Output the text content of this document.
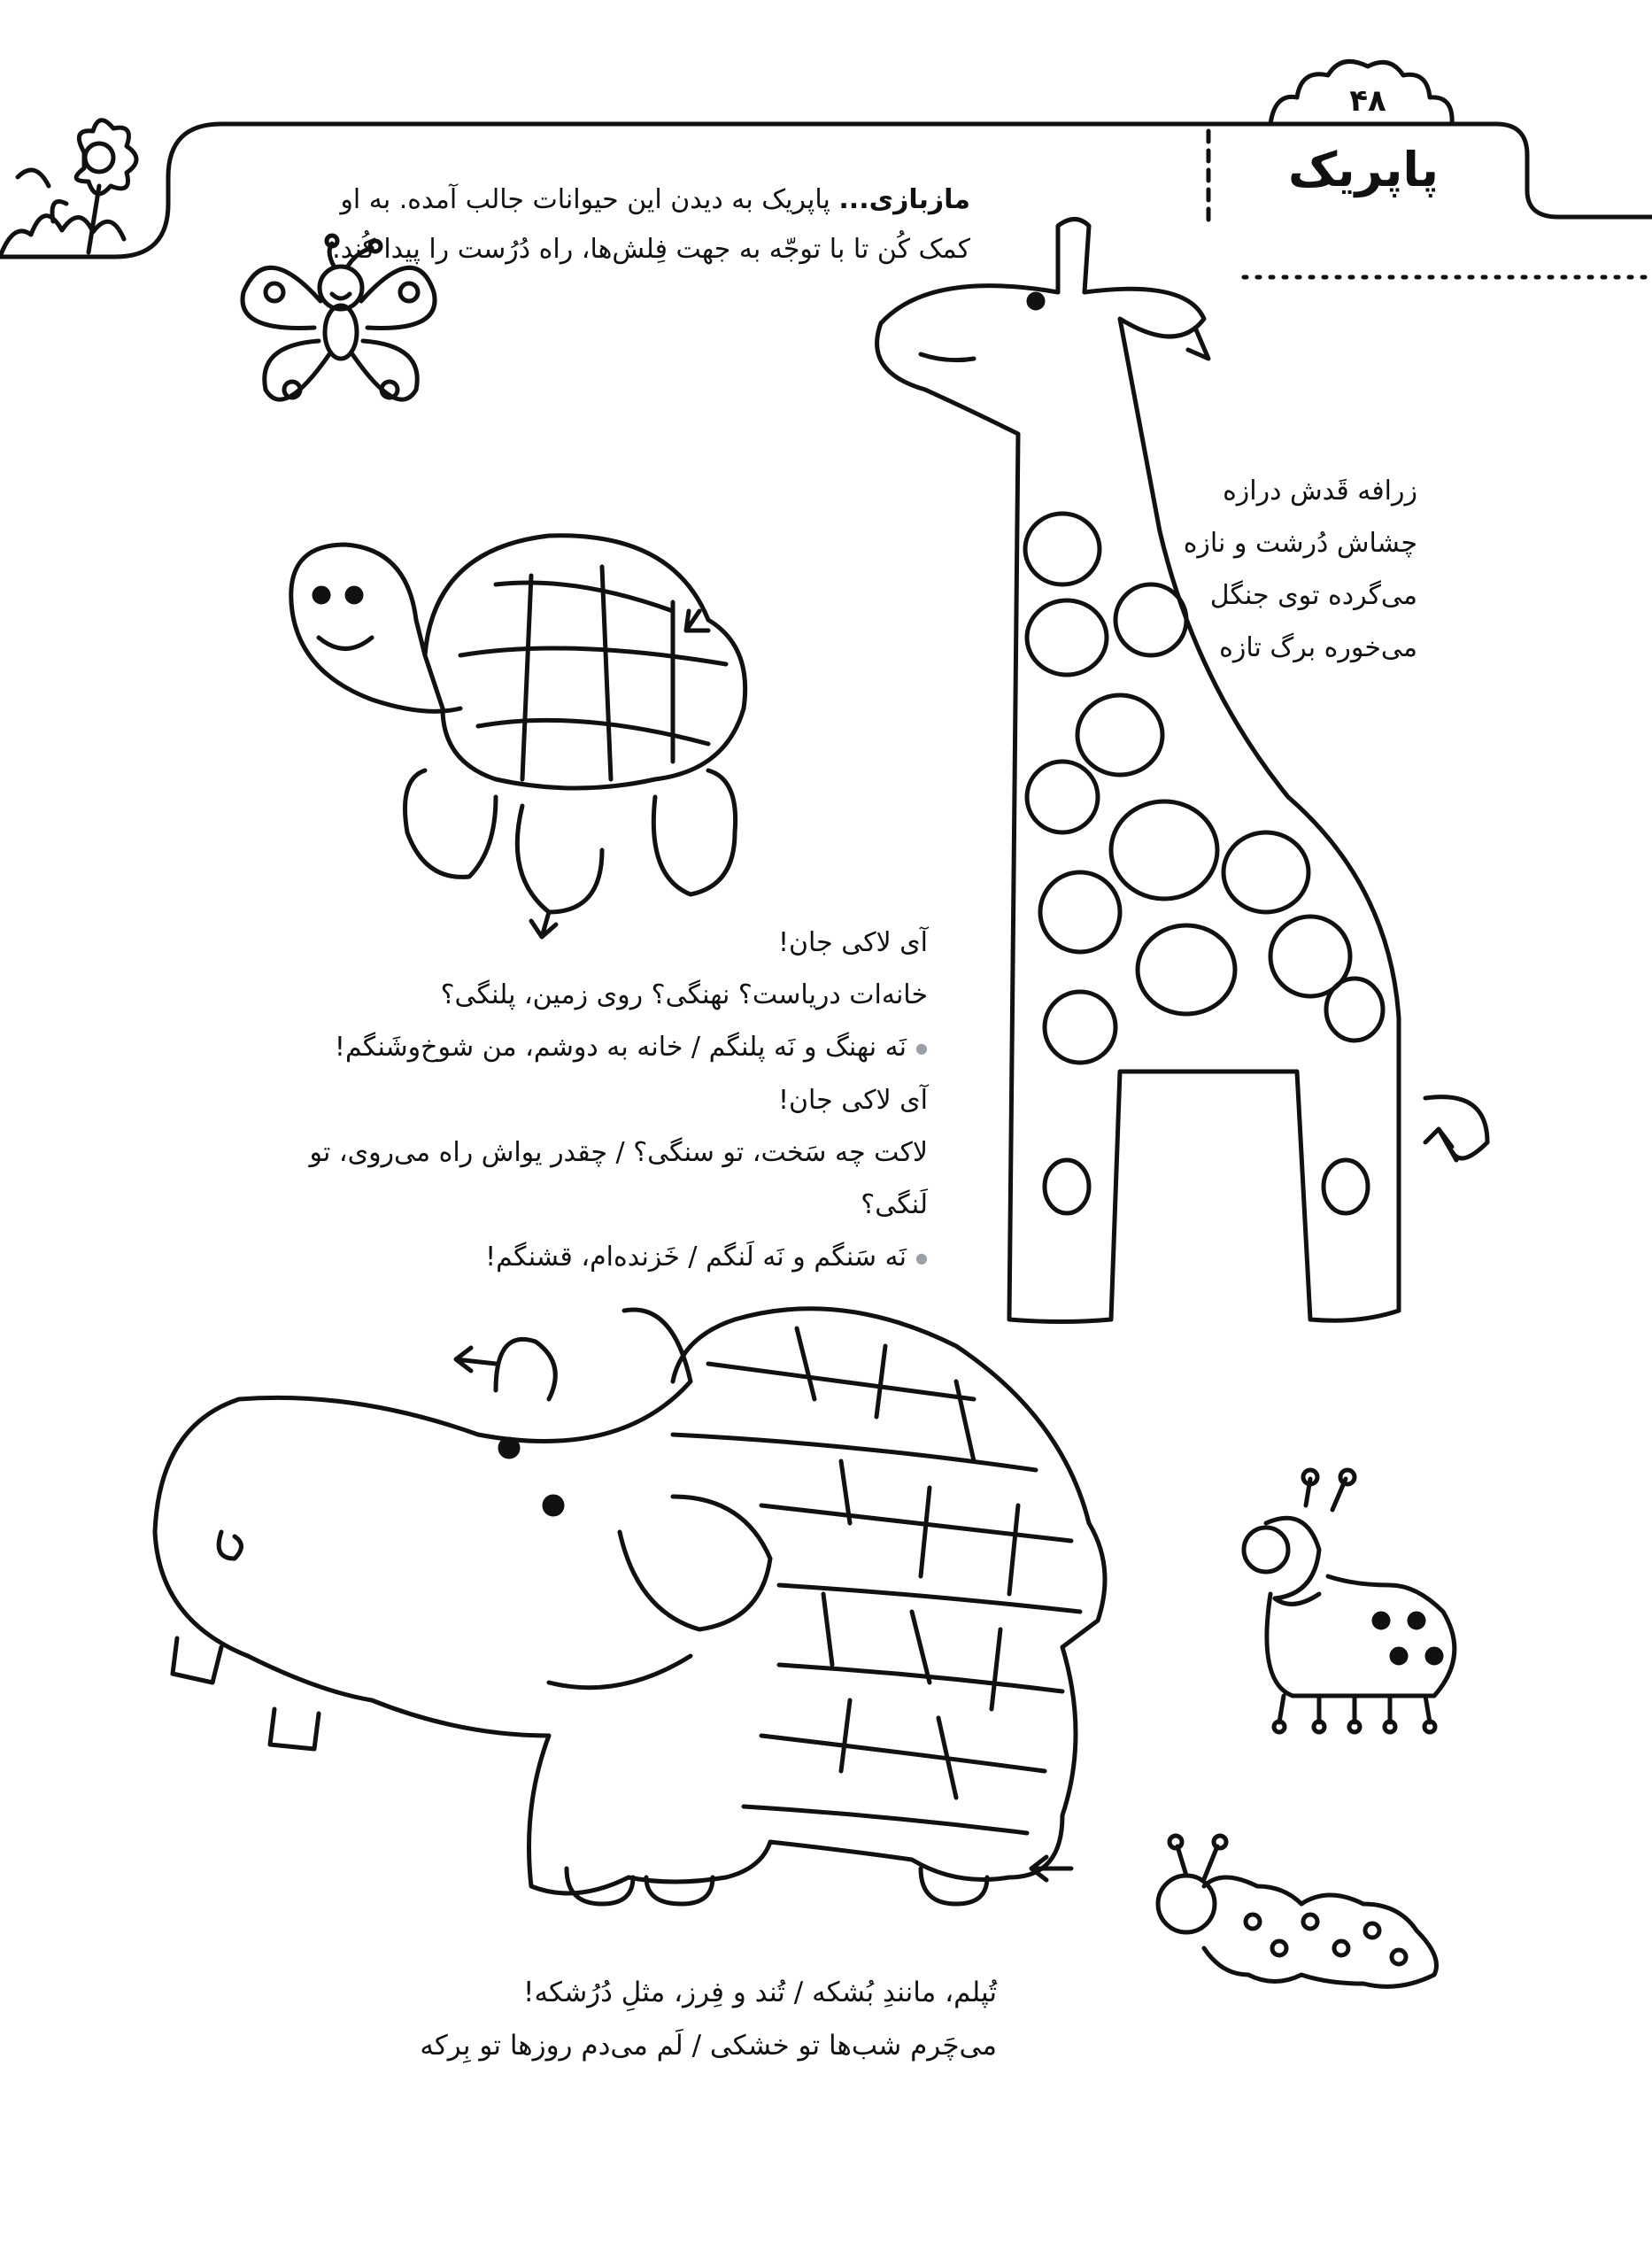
۴۸
پاپریک
مازبازی... پاپریک به دیدن این حیوانات جالب آمده. به او کمک کُن تا با توجّه به جهت فِلش‌ها، راه دُرُست را پیدا کُند.
زرافه قَدش درازه
چشاش دُرشت و نازه
می‌گرده توی جنگل
می‌خوره برگ تازه
آی لاکی جان!
خانه‌ات دریاست؟ نهنگی؟ روی زمین، پلنگی؟
● نَه نهنگ و نَه پلنگم / خانه به دوشم، من شوخ‌وشَنگم!
آی لاکی جان!
لاکت چه سَخت، تو سنگی؟ / چقدر یواش راه می‌روی، تو لَنگی؟
● نَه سَنگم و نَه لَنگم / خَزنده‌ام، قشنگم!
تُپلم، مانندِ بُشکه / تُند و فِرز، مثلِ دُرُشکه!
می‌چَرم شب‌ها تو خشکی / لَم می‌دم روزها تو بِرکه
